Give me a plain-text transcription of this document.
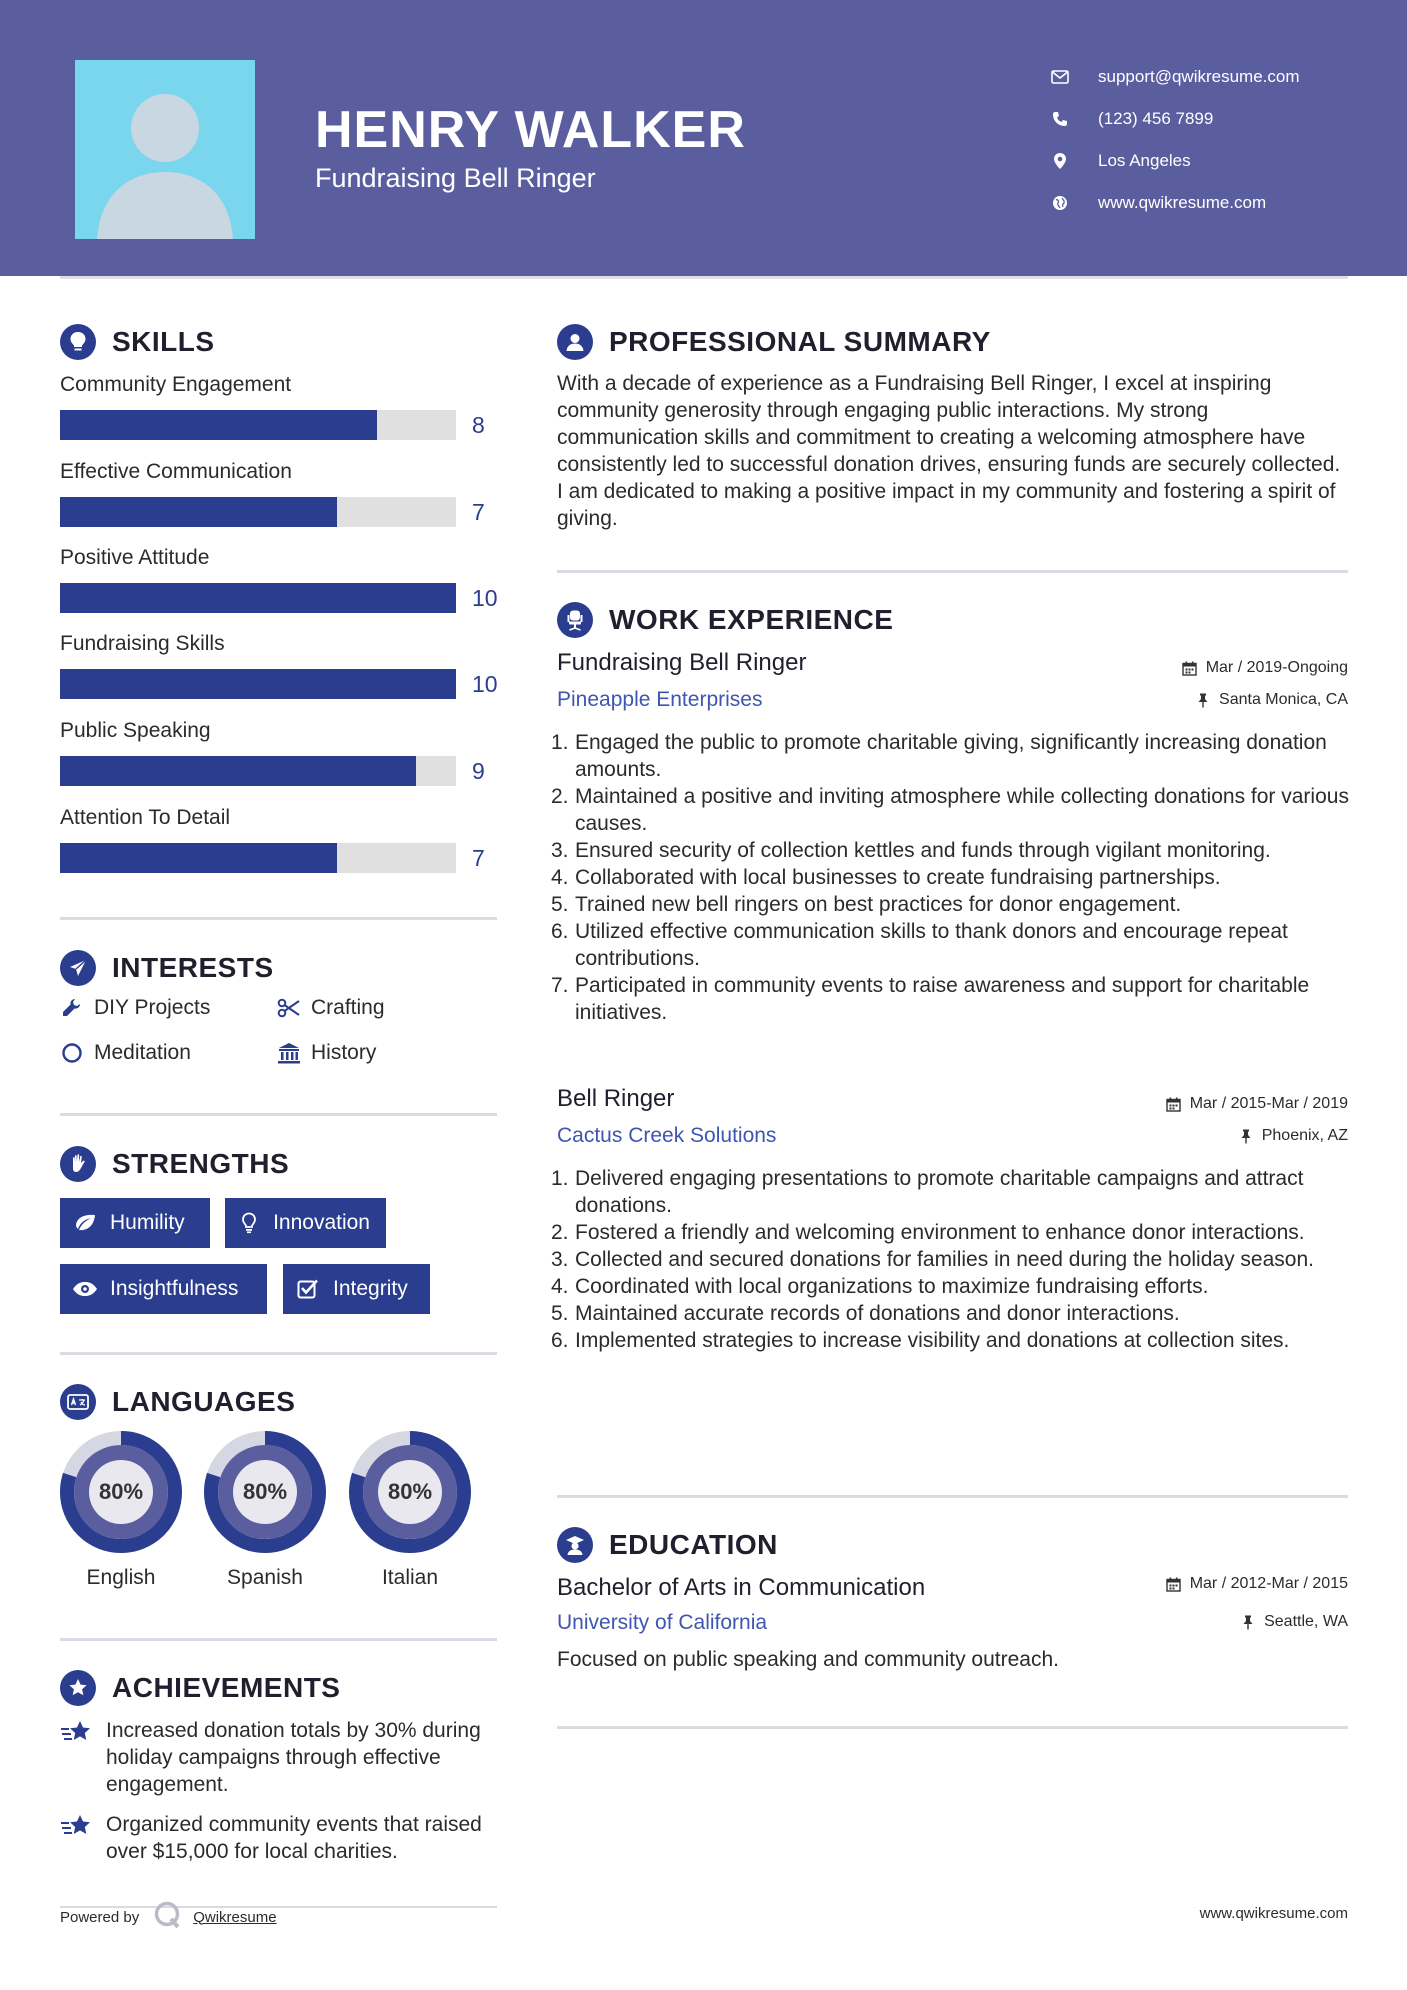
HENRY WALKER
Fundraising Bell Ringer
support@qwikresume.com
(123) 456 7899
Los Angeles
www.qwikresume.com
SKILLS
Community Engagement
8
Effective Communication
7
Positive Attitude
10
Fundraising Skills
10
Public Speaking
9
Attention To Detail
7
INTERESTS
DIY Projects	Crafting
Meditation	History
STRENGTHS
Humility	Innovation
Insightfulness	Integrity
LANGUAGES
80%
English
80%
Spanish
80%
Italian
ACHIEVEMENTS
Increased donation totals by 30% during holiday campaigns through effective engagement.
Organized community events that raised over $15,000 for local charities.
PROFESSIONAL SUMMARY
With a decade of experience as a Fundraising Bell Ringer, I excel at inspiring community generosity through engaging public interactions. My strong communication skills and commitment to creating a welcoming atmosphere have consistently led to successful donation drives, ensuring funds are securely collected. I am dedicated to making a positive impact in my community and fostering a spirit of giving.
WORK EXPERIENCE
Fundraising Bell Ringer	Mar / 2019-Ongoing
Pineapple Enterprises	Santa Monica, CA
1. Engaged the public to promote charitable giving, significantly increasing donation amounts.
2. Maintained a positive and inviting atmosphere while collecting donations for various causes.
3. Ensured security of collection kettles and funds through vigilant monitoring.
4. Collaborated with local businesses to create fundraising partnerships.
5. Trained new bell ringers on best practices for donor engagement.
6. Utilized effective communication skills to thank donors and encourage repeat contributions.
7. Participated in community events to raise awareness and support for charitable initiatives.
Bell Ringer	Mar / 2015-Mar / 2019
Cactus Creek Solutions	Phoenix, AZ
1. Delivered engaging presentations to promote charitable campaigns and attract donations.
2. Fostered a friendly and welcoming environment to enhance donor interactions.
3. Collected and secured donations for families in need during the holiday season.
4. Coordinated with local organizations to maximize fundraising efforts.
5. Maintained accurate records of donations and donor interactions.
6. Implemented strategies to increase visibility and donations at collection sites.
EDUCATION
Bachelor of Arts in Communication	Mar / 2012-Mar / 2015
University of California	Seattle, WA
Focused on public speaking and community outreach.
Powered by	Qwikresume	www.qwikresume.com
